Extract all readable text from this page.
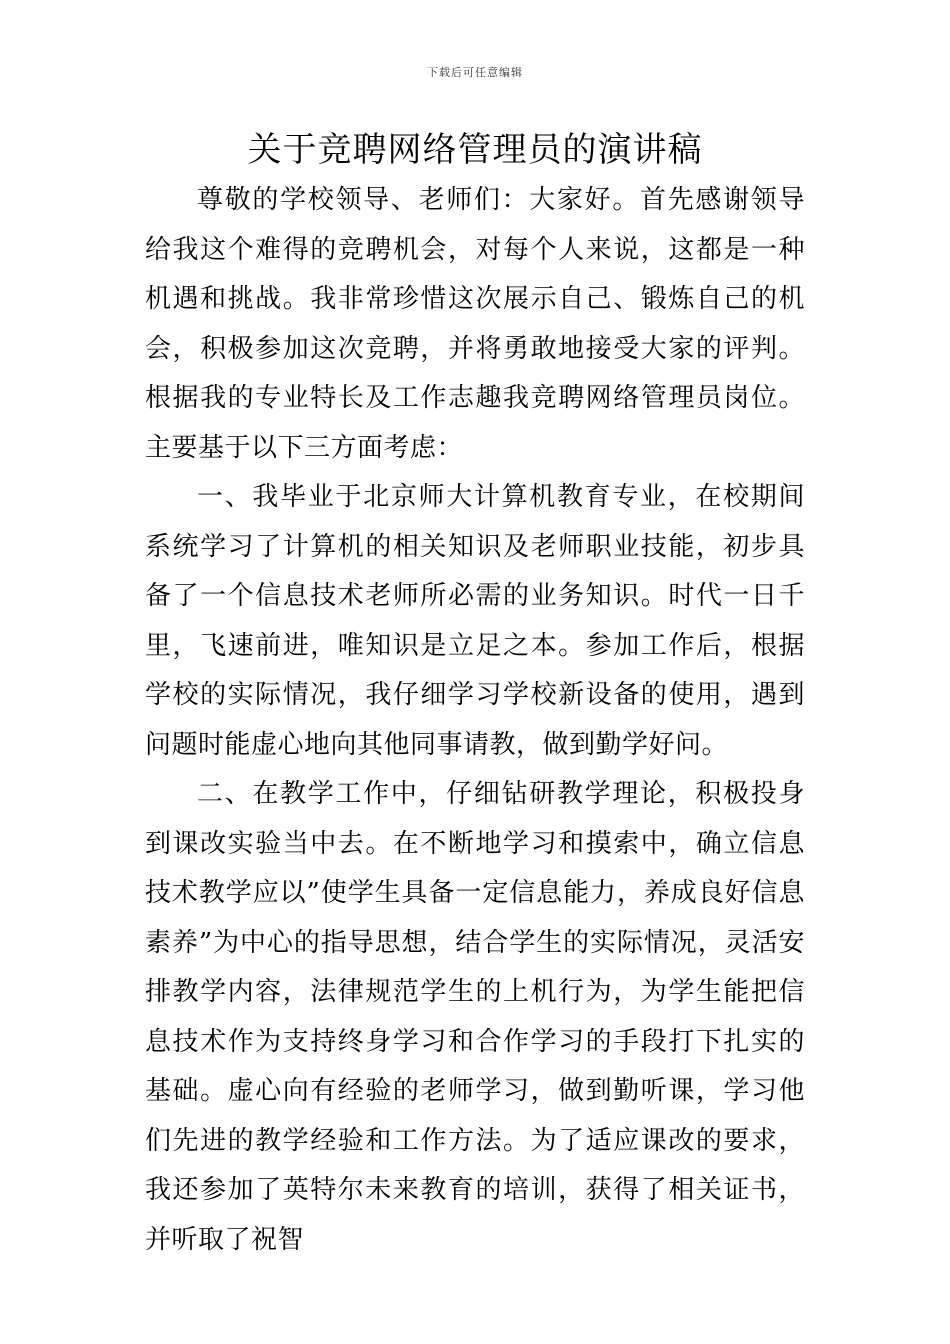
下载后可任意编辑
关于竞聘网络管理员的演讲稿

尊敬的学校领导、老师们：大家好。首先感谢领导给我这个难得的竞聘机会，对每个人来说，这都是一种机遇和挑战。我非常珍惜这次展示自己、锻炼自己的机会，积极参加这次竞聘，并将勇敢地接受大家的评判。根据我的专业特长及工作志趣我竞聘网络管理员岗位。主要基于以下三方面考虑：

一、我毕业于北京师大计算机教育专业，在校期间系统学习了计算机的相关知识及老师职业技能，初步具备了一个信息技术老师所必需的业务知识。时代一日千里，飞速前进，唯知识是立足之本。参加工作后，根据学校的实际情况，我仔细学习学校新设备的使用，遇到问题时能虚心地向其他同事请教，做到勤学好问。

二、在教学工作中，仔细钻研教学理论，积极投身到课改实验当中去。在不断地学习和摸索中，确立信息技术教学应以”使学生具备一定信息能力，养成良好信息素养”为中心的指导思想，结合学生的实际情况，灵活安排教学内容，法律规范学生的上机行为，为学生能把信息技术作为支持终身学习和合作学习的手段打下扎实的基础。虚心向有经验的老师学习，做到勤听课，学习他们先进的教学经验和工作方法。为了适应课改的要求，我还参加了英特尔未来教育的培训，获得了相关证书，并听取了祝智
